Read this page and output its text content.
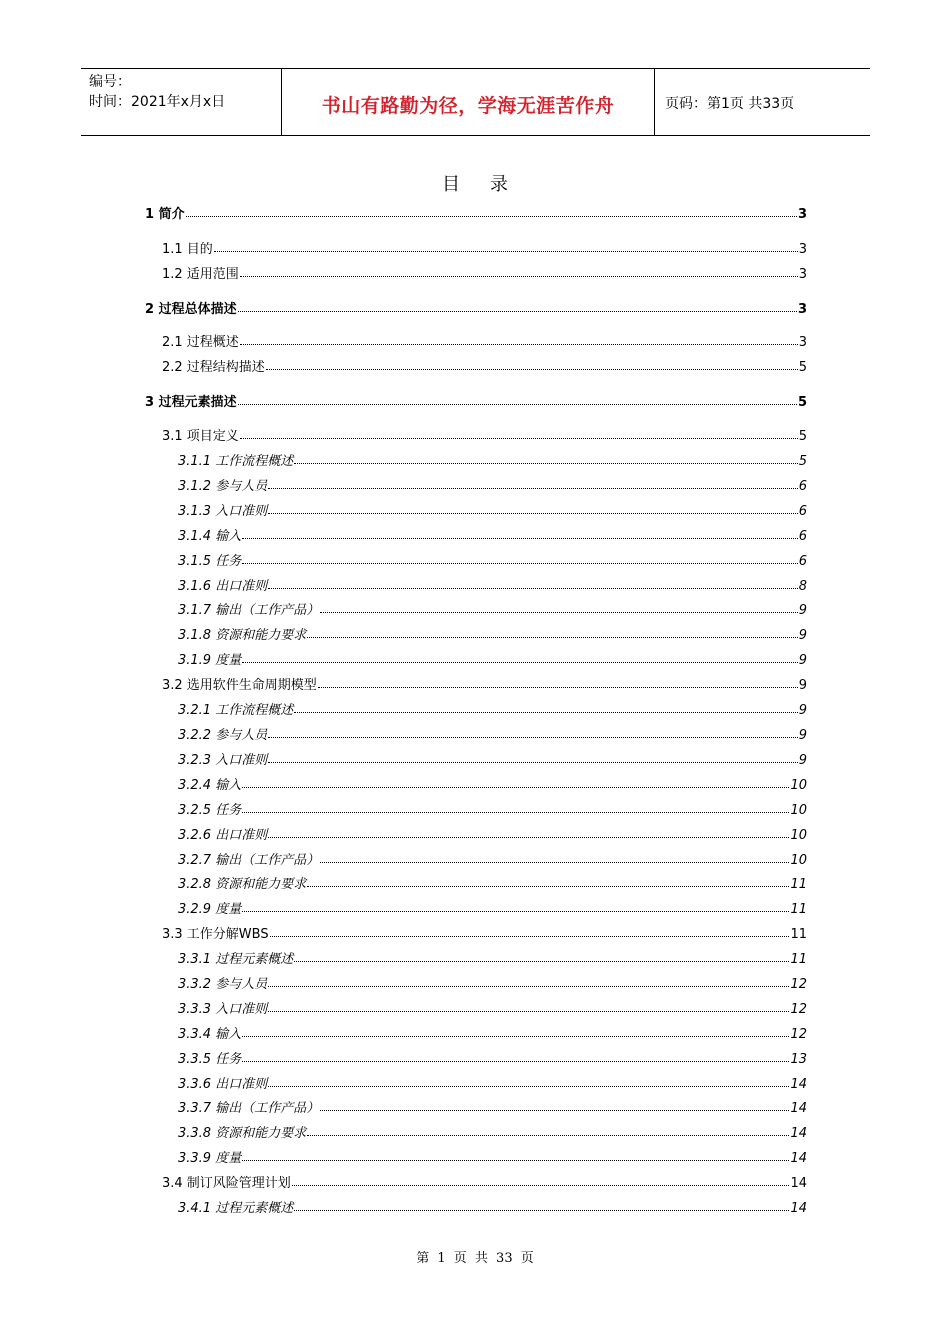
编号：
时间：2021年x月x日	书山有路勤为径，学海无涯苦作舟	页码：第1页 共33页
目录
1 简介	3
1.1 目的	3
1.2 适用范围	3
2 过程总体描述	3
2.1 过程概述	3
2.2 过程结构描述	5
3 过程元素描述	5
3.1 项目定义	5
3.1.1 工作流程概述	5
3.1.2 参与人员	6
3.1.3 入口准则	6
3.1.4 输入	6
3.1.5 任务	6
3.1.6 出口准则	8
3.1.7 输出（工作产品）	9
3.1.8 资源和能力要求	9
3.1.9 度量	9
3.2 选用软件生命周期模型	9
3.2.1 工作流程概述	9
3.2.2 参与人员	9
3.2.3 入口准则	9
3.2.4 输入	10
3.2.5 任务	10
3.2.6 出口准则	10
3.2.7 输出（工作产品）	10
3.2.8 资源和能力要求	11
3.2.9 度量	11
3.3 工作分解WBS	11
3.3.1 过程元素概述	11
3.3.2 参与人员	12
3.3.3 入口准则	12
3.3.4 输入	12
3.3.5 任务	13
3.3.6 出口准则	14
3.3.7 输出（工作产品）	14
3.3.8 资源和能力要求	14
3.3.9 度量	14
3.4 制订风险管理计划	14
3.4.1 过程元素概述	14
第 1 页 共 33 页
